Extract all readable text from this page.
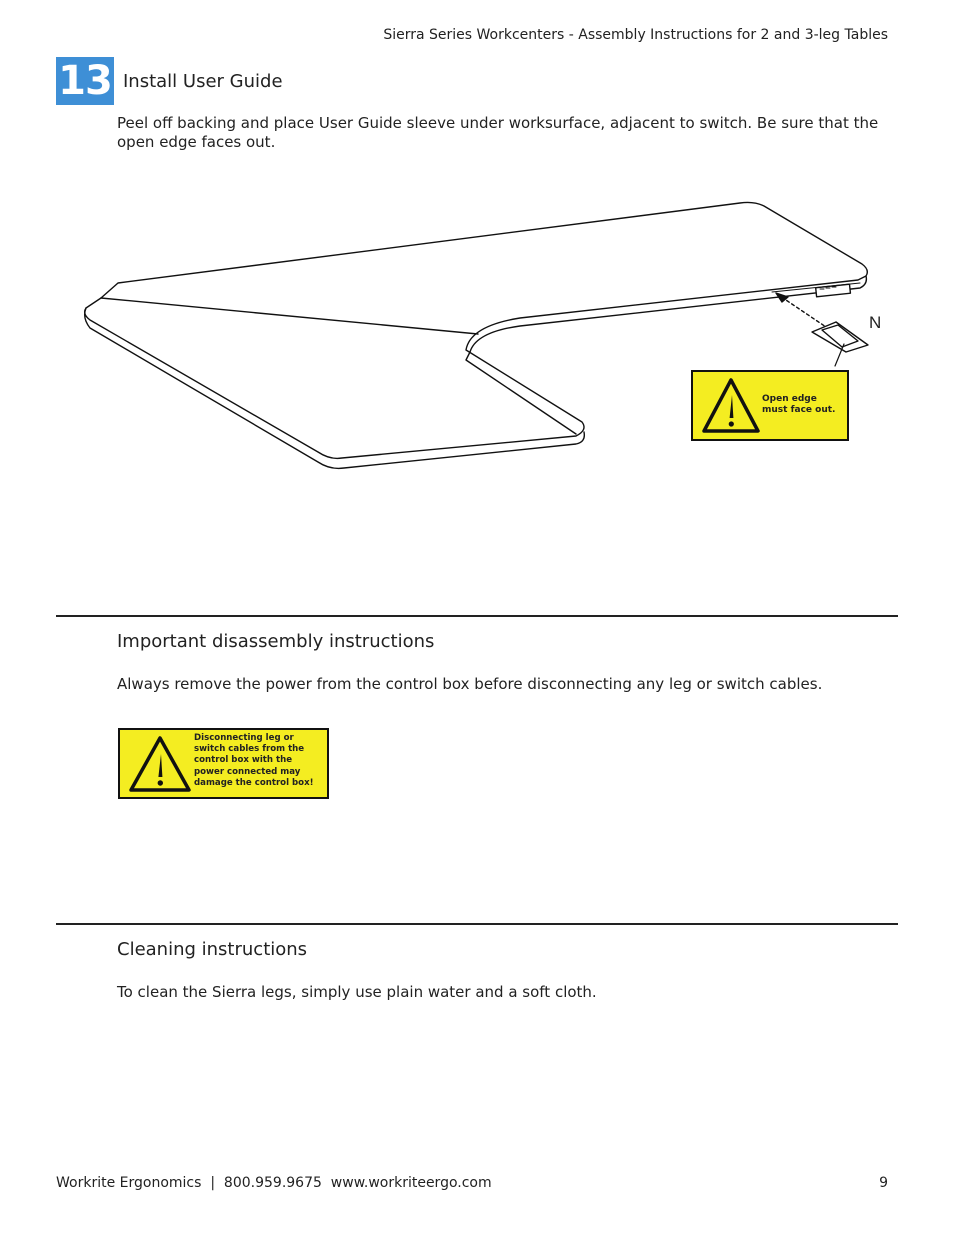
Sierra Series Workcenters - Assembly Instructions for 2 and 3-leg Tables
13 Install User Guide
Peel off backing and place User Guide sleeve under worksurface, adjacent to switch. Be sure that the open edge faces out.
N
Open edge
must face out.
Important disassembly instructions
Always remove the power from the control box before disconnecting any leg or switch cables.
Disconnecting leg or
switch cables from the
control box with the
power connected may
damage the control box!
Cleaning instructions
To clean the Sierra legs, simply use plain water and a soft cloth.
Workrite Ergonomics  |  800.959.9675  www.workriteergo.com	9
